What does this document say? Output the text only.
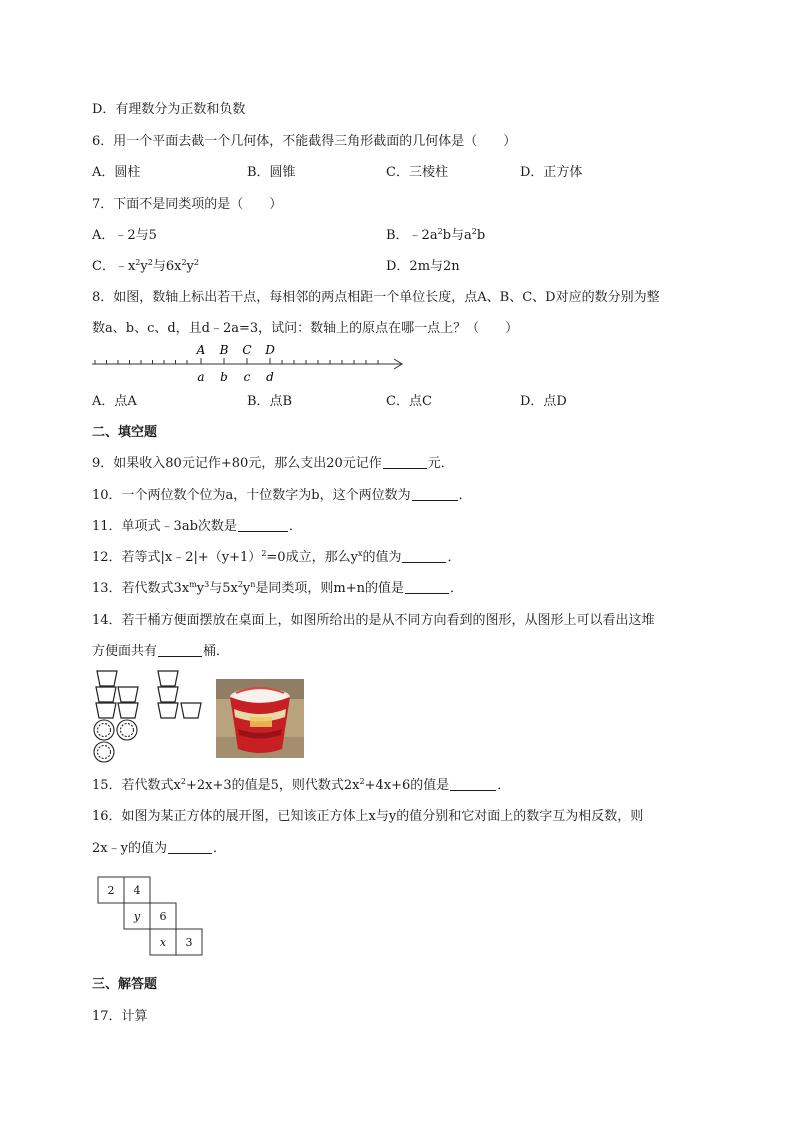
D．有理数分为正数和负数
6．用一个平面去截一个几何体，不能截得三角形截面的几何体是（　　）
A．圆柱	B．圆锥	C．三棱柱	D．正方体
7．下面不是同类项的是（　　）
A．﹣2与5	B．$﹣2a^2b$与$a^2b$
C．$﹣x^2y^2$与$6x^2y^2$	D．2m与2n
8．如图，数轴上标出若干点，每相邻的两点相距一个单位长度，点A、B、C、D对应的数分别为整
数a、b、c、d，且d﹣2a=3，试问：数轴上的原点在哪一点上？（　　）
A B C D
a b c d
A．点A	B．点B	C．点C	D．点D
二、填空题
9．如果收入80元记作+80元，那么支出20元记作	元．
10．一个两位数个位为a，十位数字为b，这个两位数为	．
11．单项式﹣3ab次数是	．
12．若等式$|x﹣2|+(y+1)^2=0$成立，那么$y^x$的值为	．
13．若代数式$3x^my^3$与$5x^2y^n$是同类项，则m+n的值是	．
14．若干桶方便面摆放在桌面上，如图所给出的是从不同方向看到的图形，从图形上可以看出这堆
方便面共有	桶．
15．若代数式$x^2+2x+3$的值是5，则代数式$2x^2+4x+6$的值是	．
16．如图为某正方体的展开图，已知该正方体上x与y的值分别和它对面上的数字互为相反数，则
2x﹣y的值为	．
2 4
y 6
x 3
三、解答题
17．计算
